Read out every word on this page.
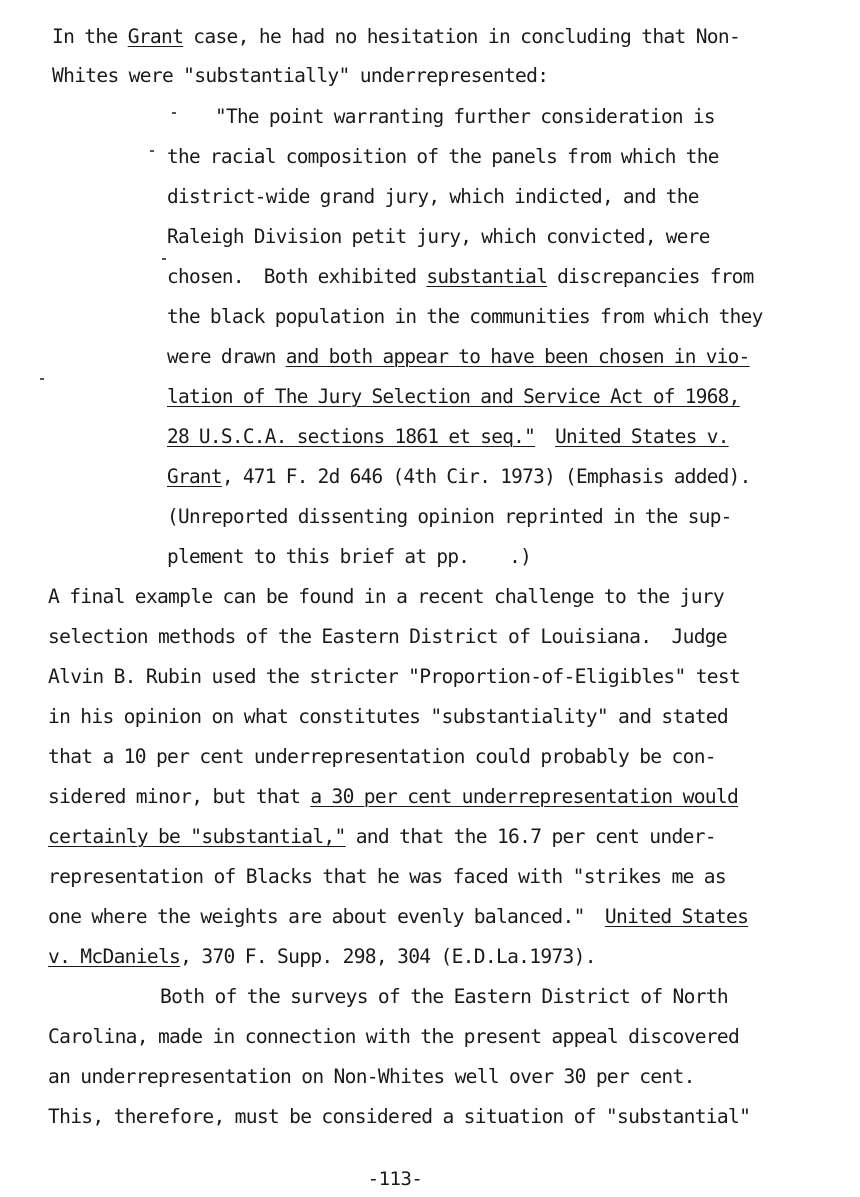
In the Grant case, he had no hesitation in concluding that Non-
Whites were "substantially" underrepresented:
"The point warranting further consideration is
the racial composition of the panels from which the
district-wide grand jury, which indicted, and the
Raleigh Division petit jury, which convicted, were
chosen.  Both exhibited substantial discrepancies from
the black population in the communities from which they
were drawn and both appear to have been chosen in vio-
lation of The Jury Selection and Service Act of 1968,
28 U.S.C.A. sections 1861 et seq." United States v.
Grant, 471 F. 2d 646 (4th Cir. 1973) (Emphasis added).
(Unreported dissenting opinion reprinted in the sup-
plement to this brief at pp.    .)
A final example can be found in a recent challenge to the jury
selection methods of the Eastern District of Louisiana.  Judge
Alvin B. Rubin used the stricter "Proportion-of-Eligibles" test
in his opinion on what constitutes "substantiality" and stated
that a 10 per cent underrepresentation could probably be con-
sidered minor, but that a 30 per cent underrepresentation would
certainly be "substantial," and that the 16.7 per cent under-
representation of Blacks that he was faced with "strikes me as
one where the weights are about evenly balanced."  United States
v. McDaniels, 370 F. Supp. 298, 304 (E.D.La.1973).
Both of the surveys of the Eastern District of North
Carolina, made in connection with the present appeal discovered
an underrepresentation on Non-Whites well over 30 per cent.
This, therefore, must be considered a situation of "substantial"
-113-
